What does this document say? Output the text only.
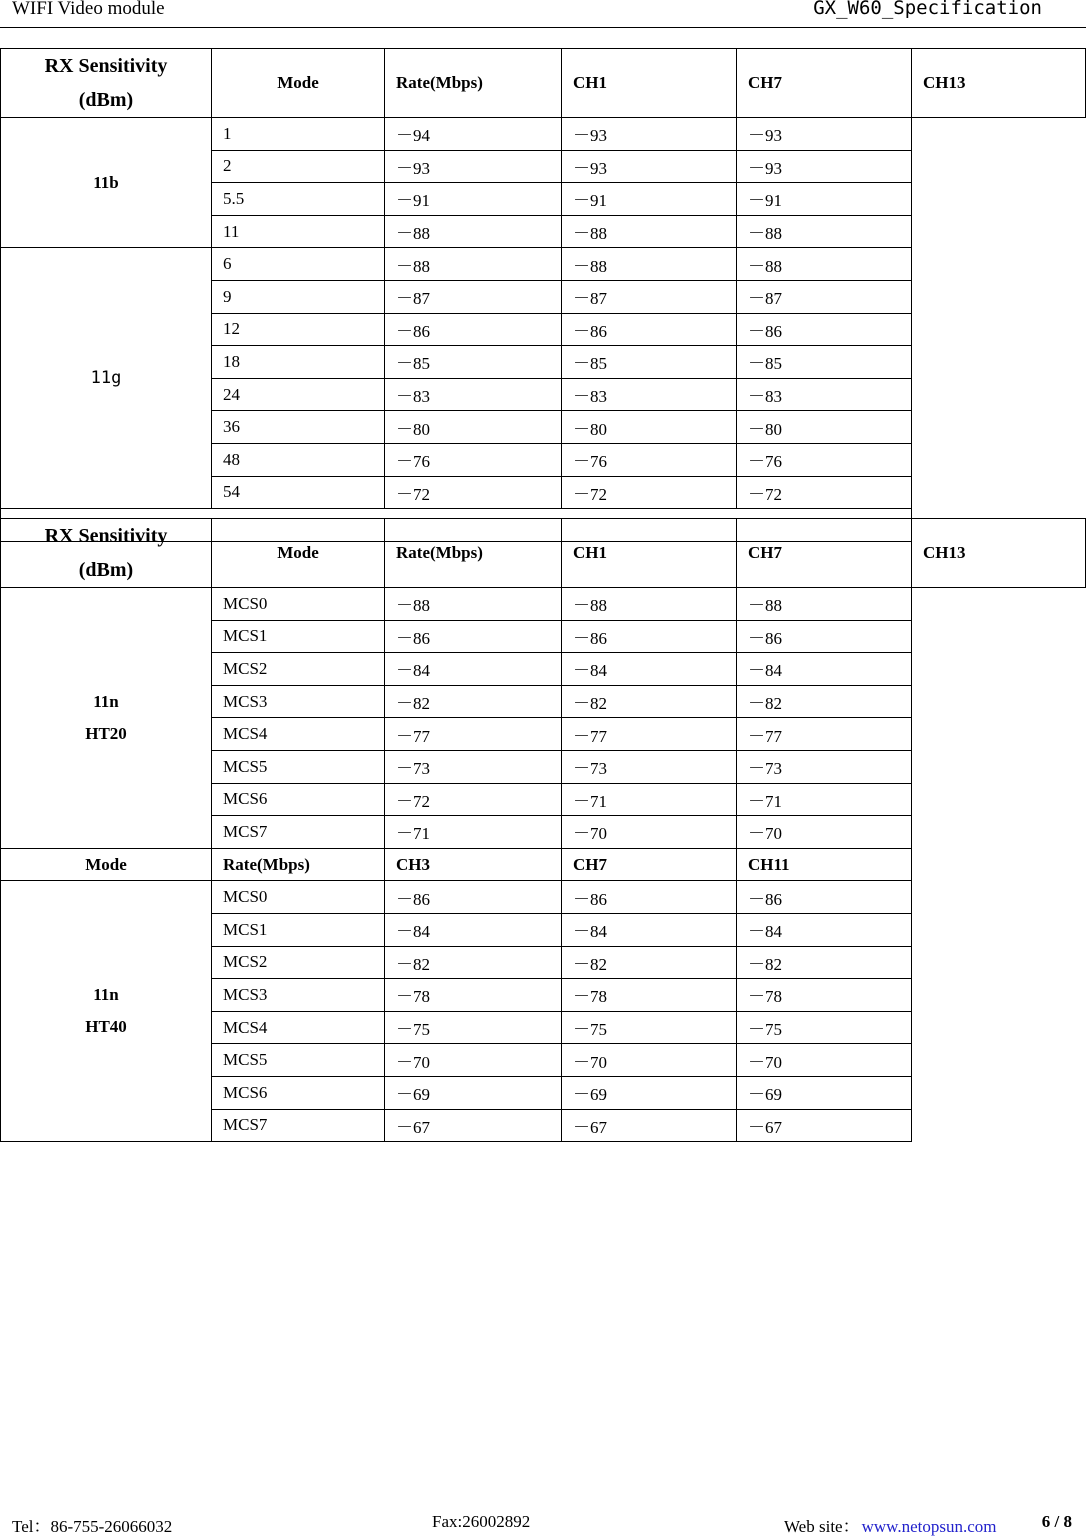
WIFI Video module	GX_W60_Specification
RX Sensitivity
(dBm)	Mode	Rate(Mbps)	CH1	CH7	CH13
11b	1	－94	－93	－93	
	2	－93	－93	－93	
	5.5	－91	－91	－91	
	11	－88	－88	－88	
11g	6	－88	－88	－88	
	9	－87	－87	－87	
	12	－86	－86	－86	
	18	－85	－85	－85	
	24	－83	－83	－83	
	36	－80	－80	－80	
	48	－76	－76	－76	
	54	－72	－72	－72	

RX Sensitivity
(dBm)	Mode	Rate(Mbps)	CH1	CH7	CH13

11n
HT20	MCS0	－88	－88	－88	
	MCS1	－86	－86	－86	
	MCS2	－84	－84	－84	
	MCS3	－82	－82	－82	
	MCS4	－77	－77	－77	
	MCS5	－73	－73	－73	
	MCS6	－72	－71	－71	
	MCS7	－71	－70	－70	
Mode	Rate(Mbps)	CH3	CH7	CH11	

11n
HT40	MCS0	－86	－86	－86	
	MCS1	－84	－84	－84	
	MCS2	－82	－82	－82	
	MCS3	－78	－78	－78	
	MCS4	－75	－75	－75	
	MCS5	－70	－70	－70	
	MCS6	－69	－69	－69	
	MCS7	－67	－67	－67	
Tel：86-755-26066032	Fax:26002892	Web site： www.netopsun.com	6 / 8
